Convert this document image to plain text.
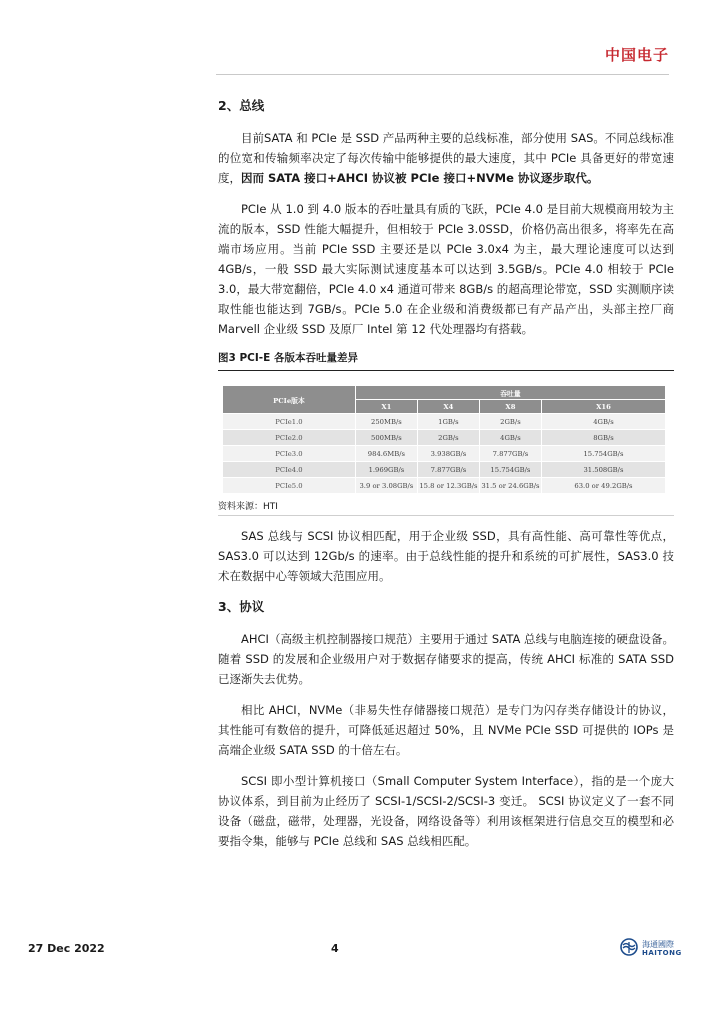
中国电子
2、总线

目前SATA 和 PCIe 是 SSD 产品两种主要的总线标准，部分使用 SAS。不同总线标准的位宽和传输频率决定了每次传输中能够提供的最大速度，其中 PCIe 具备更好的带宽速度，因而 SATA 接口+AHCI 协议被 PCIe 接口+NVMe 协议逐步取代。

PCIe 从 1.0 到 4.0 版本的吞吐量具有质的飞跃，PCIe 4.0 是目前大规模商用较为主流的版本，SSD 性能大幅提升，但相较于 PCIe 3.0SSD，价格仍高出很多，将率先在高端市场应用。当前 PCIe SSD 主要还是以 PCIe 3.0x4 为主，最大理论速度可以达到 4GB/s，一般 SSD 最大实际测试速度基本可以达到 3.5GB/s。PCIe 4.0 相较于 PCIe 3.0，最大带宽翻倍，PCIe 4.0 x4 通道可带来 8GB/s 的超高理论带宽，SSD 实测顺序读取性能也能达到 7GB/s。PCIe 5.0 在企业级和消费级都已有产品产出，头部主控厂商 Marvell 企业级 SSD 及原厂 Intel 第 12 代处理器均有搭载。

图3 PCI-E 各版本吞吐量差异
PCIe版本	吞吐量			
	X1	X4	X8	X16
PCIe1.0	250MB/s	1GB/s	2GB/s	4GB/s
PCIe2.0	500MB/s	2GB/s	4GB/s	8GB/s
PCIe3.0	984.6MB/s	3.938GB/s	7.877GB/s	15.754GB/s
PCIe4.0	1.969GB/s	7.877GB/s	15.754GB/s	31.508GB/s
PCIe5.0	3.9 or 3.08GB/s	15.8 or 12.3GB/s	31.5 or 24.6GB/s	63.0 or 49.2GB/s
资料来源：HTI

SAS 总线与 SCSI 协议相匹配，用于企业级 SSD，具有高性能、高可靠性等优点，SAS3.0 可以达到 12Gb/s 的速率。由于总线性能的提升和系统的可扩展性，SAS3.0 技术在数据中心等领域大范围应用。

3、协议

AHCI（高级主机控制器接口规范）主要用于通过 SATA 总线与电脑连接的硬盘设备。随着 SSD 的发展和企业级用户对于数据存储要求的提高，传统 AHCI 标准的 SATA SSD 已逐渐失去优势。

相比 AHCI，NVMe（非易失性存储器接口规范）是专门为闪存类存储设计的协议，其性能可有数倍的提升，可降低延迟超过 50%，且 NVMe PCIe SSD 可提供的 IOPs 是高端企业级 SATA SSD 的十倍左右。

SCSI 即小型计算机接口（Small Computer System Interface），指的是一个庞大协议体系，到目前为止经历了 SCSI-1/SCSI-2/SCSI-3 变迁。 SCSI 协议定义了一套不同设备（磁盘，磁带，处理器，光设备，网络设备等）利用该框架进行信息交互的模型和必要指令集，能够与 PCIe 总线和 SAS 总线相匹配。

27 Dec 2022	4	海通國際
HAITONG
